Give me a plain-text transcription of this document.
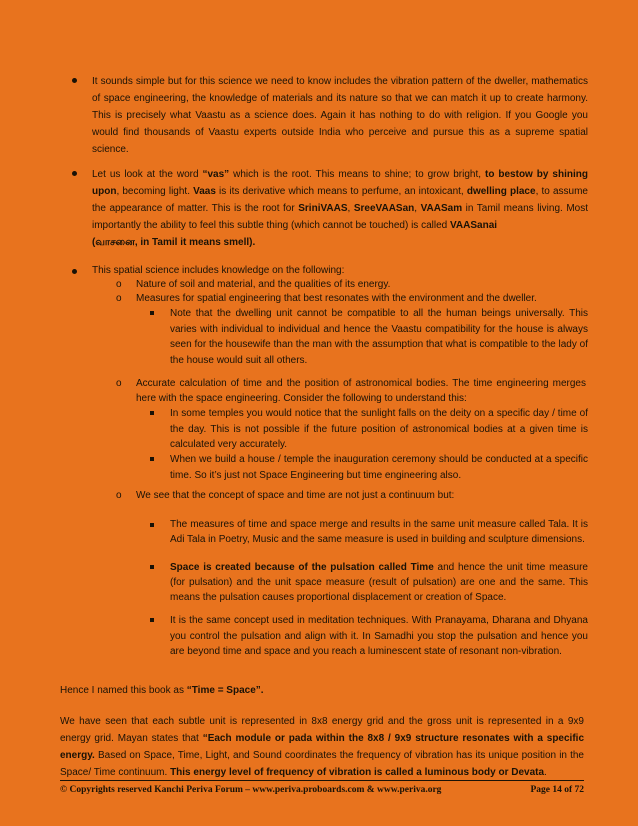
It sounds simple but for this science we need to know includes the vibration pattern of the dweller, mathematics of space engineering, the knowledge of materials and its nature so that we can match it up to create harmony. This is precisely what Vaastu as a science does. Again it has nothing to do with religion. If you Google you would find thousands of Vaastu experts outside India who perceive and pursue this as a supreme spatial science.
Let us look at the word “vas” which is the root. This means to shine; to grow bright, to bestow by shining upon, becoming light. Vaas is its derivative which means to perfume, an intoxicant, dwelling place, to assume the appearance of matter. This is the root for SriniVAAS, SreeVAASan, VAASam in Tamil means living. Most importantly the ability to feel this subtle thing (which cannot be touched) is called VAASanai
(வாசனை, in Tamil it means smell).
This spatial science includes knowledge on the following:
o Nature of soil and material, and the qualities of its energy.
o Measures for spatial engineering that best resonates with the environment and the dweller.
Note that the dwelling unit cannot be compatible to all the human beings universally. This varies with individual to individual and hence the Vaastu compatibility for the house is always seen for the housewife than the man with the assumption that what is compatible to the lady of the house would suit all others.
o Accurate calculation of time and the position of astronomical bodies. The time engineering merges here with the space engineering. Consider the following to understand this:
In some temples you would notice that the sunlight falls on the deity on a specific day / time of the day. This is not possible if the future position of astronomical bodies at a given time is calculated very accurately.
When we build a house / temple the inauguration ceremony should be conducted at a specific time. So it’s just not Space Engineering but time engineering also.
o We see that the concept of space and time are not just a continuum but:
The measures of time and space merge and results in the same unit measure called Tala. It is Adi Tala in Poetry, Music and the same measure is used in building and sculpture dimensions.
Space is created because of the pulsation called Time and hence the unit time measure (for pulsation) and the unit space measure (result of pulsation) are one and the same. This means the pulsation causes proportional displacement or creation of Space.
It is the same concept used in meditation techniques. With Pranayama, Dharana and Dhyana you control the pulsation and align with it. In Samadhi you stop the pulsation and hence you are beyond time and space and you reach a luminescent state of resonant non-vibration.
Hence I named this book as “Time = Space”.
We have seen that each subtle unit is represented in 8x8 energy grid and the gross unit is represented in a 9x9 energy grid. Mayan states that “Each module or pada within the 8x8 / 9x9 structure resonates with a specific energy. Based on Space, Time, Light, and Sound coordinates the frequency of vibration has its unique position in the Space/ Time continuum. This energy level of frequency of vibration is called a luminous body or Devata.
© Copyrights reserved Kanchi Periva Forum – www.periva.proboards.com & www.periva.org	Page 14 of 72
